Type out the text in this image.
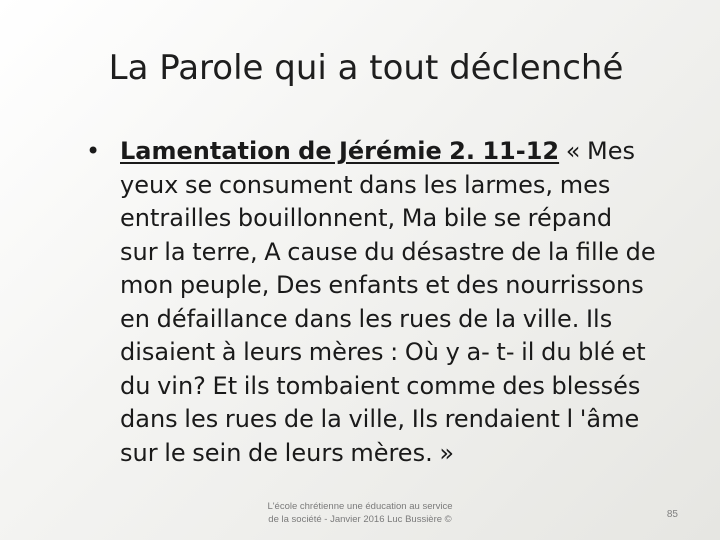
La Parole qui a tout déclenché
• Lamentation de Jérémie 2. 11-12 « Mes yeux se consument dans les larmes, mes entrailles bouillonnent, Ma bile se répand sur la terre, A cause du désastre de la fille de mon peuple, Des enfants et des nourrissons en défaillance dans les rues de la ville. Ils disaient à leurs mères : Où y a- t- il du blé et du vin? Et ils tombaient comme des blessés dans les rues de la ville, Ils rendaient l 'âme sur le sein de leurs mères. »

L'école chrétienne une éducation au service
de la société - Janvier 2016 Luc Bussière ©	85
